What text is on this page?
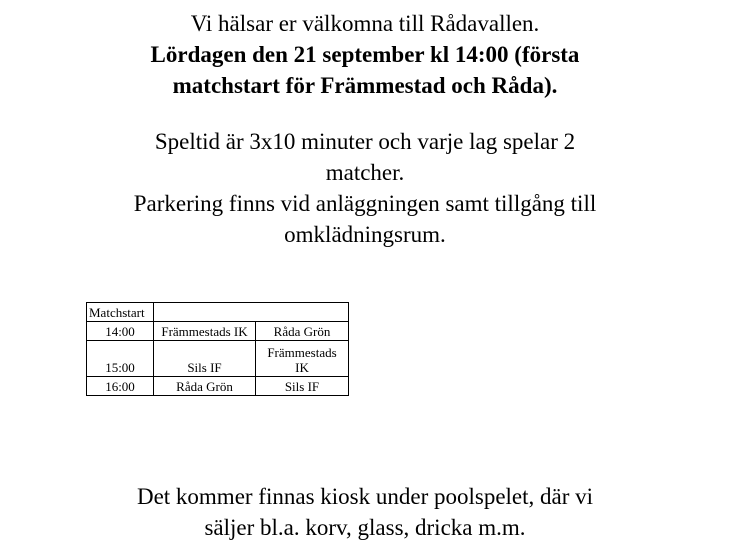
Vi hälsar er välkomna till Rådavallen.
Lördagen den 21 september kl 14:00 (första
matchstart för Främmestad och Råda).
Speltid är 3x10 minuter och varje lag spelar 2
matcher.
Parkering finns vid anläggningen samt tillgång till
omklädningsrum.
Matchstart		
14:00	Främmestads IK	Råda Grön
15:00	Sils IF	Främmestads
IK

16:00	Råda Grön	Sils IF
Det kommer finnas kiosk under poolspelet, där vi
säljer bl.a. korv, glass, dricka m.m.
